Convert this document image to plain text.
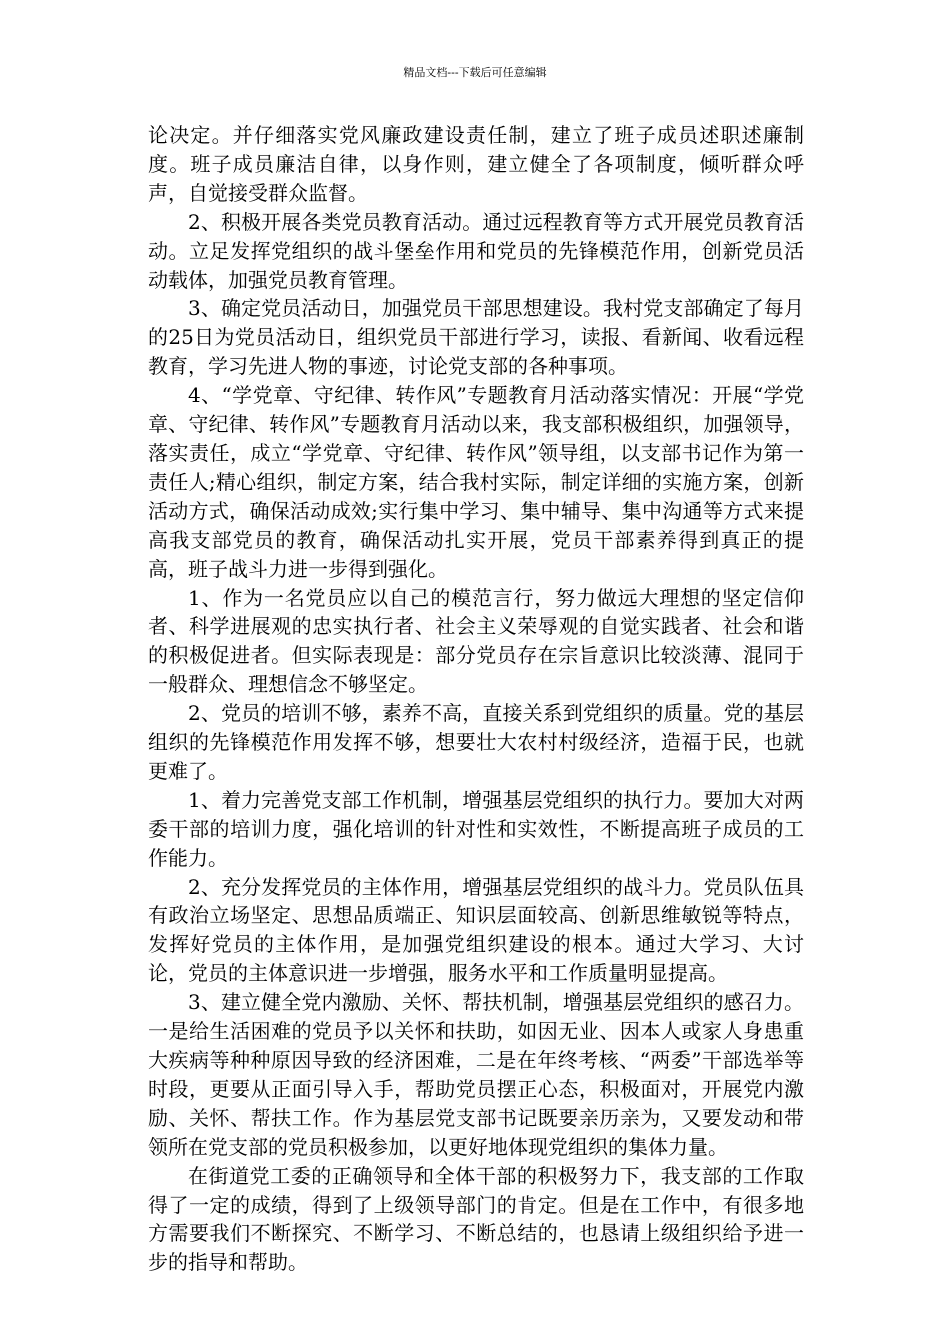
精品文档---下载后可任意编辑

论决定。并仔细落实党风廉政建设责任制，建立了班子成员述职述廉制度。班子成员廉洁自律，以身作则，建立健全了各项制度，倾听群众呼声，自觉接受群众监督。

2、积极开展各类党员教育活动。通过远程教育等方式开展党员教育活动。立足发挥党组织的战斗堡垒作用和党员的先锋模范作用，创新党员活动载体，加强党员教育管理。

3、确定党员活动日，加强党员干部思想建设。我村党支部确定了每月的25日为党员活动日，组织党员干部进行学习，读报、看新闻、收看远程教育，学习先进人物的事迹，讨论党支部的各种事项。

4、“学党章、守纪律、转作风”专题教育月活动落实情况：开展“学党章、守纪律、转作风”专题教育月活动以来，我支部积极组织，加强领导，落实责任，成立“学党章、守纪律、转作风”领导组，以支部书记作为第一责任人;精心组织，制定方案，结合我村实际，制定详细的实施方案，创新活动方式，确保活动成效;实行集中学习、集中辅导、集中沟通等方式来提高我支部党员的教育，确保活动扎实开展，党员干部素养得到真正的提高，班子战斗力进一步得到强化。

1、作为一名党员应以自己的模范言行，努力做远大理想的坚定信仰者、科学进展观的忠实执行者、社会主义荣辱观的自觉实践者、社会和谐的积极促进者。但实际表现是：部分党员存在宗旨意识比较淡薄、混同于一般群众、理想信念不够坚定。

2、党员的培训不够，素养不高，直接关系到党组织的质量。党的基层组织的先锋模范作用发挥不够，想要壮大农村村级经济，造福于民，也就更难了。

1、着力完善党支部工作机制，增强基层党组织的执行力。要加大对两委干部的培训力度，强化培训的针对性和实效性，不断提高班子成员的工作能力。

2、充分发挥党员的主体作用，增强基层党组织的战斗力。党员队伍具有政治立场坚定、思想品质端正、知识层面较高、创新思维敏锐等特点，发挥好党员的主体作用，是加强党组织建设的根本。通过大学习、大讨论，党员的主体意识进一步增强，服务水平和工作质量明显提高。

3、建立健全党内激励、关怀、帮扶机制，增强基层党组织的感召力。一是给生活困难的党员予以关怀和扶助，如因无业、因本人或家人身患重大疾病等种种原因导致的经济困难，二是在年终考核、“两委”干部选举等时段，更要从正面引导入手，帮助党员摆正心态，积极面对，开展党内激励、关怀、帮扶工作。作为基层党支部书记既要亲历亲为，又要发动和带领所在党支部的党员积极参加，以更好地体现党组织的集体力量。

在街道党工委的正确领导和全体干部的积极努力下，我支部的工作取得了一定的成绩，得到了上级领导部门的肯定。但是在工作中，有很多地方需要我们不断探究、不断学习、不断总结的，也恳请上级组织给予进一步的指导和帮助。
